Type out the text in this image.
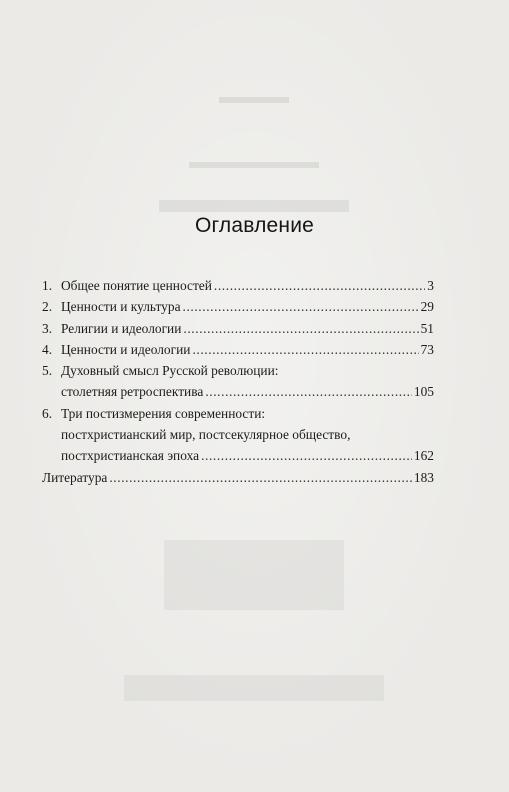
Оглавление
1. Общее понятие ценностей .....	3
2. Ценности и культура .....	29
3. Религии и идеологии .....	51
4. Ценности и идеологии .....	73
5. Духовный смысл Русской революции:
столетняя ретроспектива .....	105
6. Три постизмерения современности:
постхристианский мир, постсекулярное общество,
постхристианская эпоха .....	162
Литература .....	183
